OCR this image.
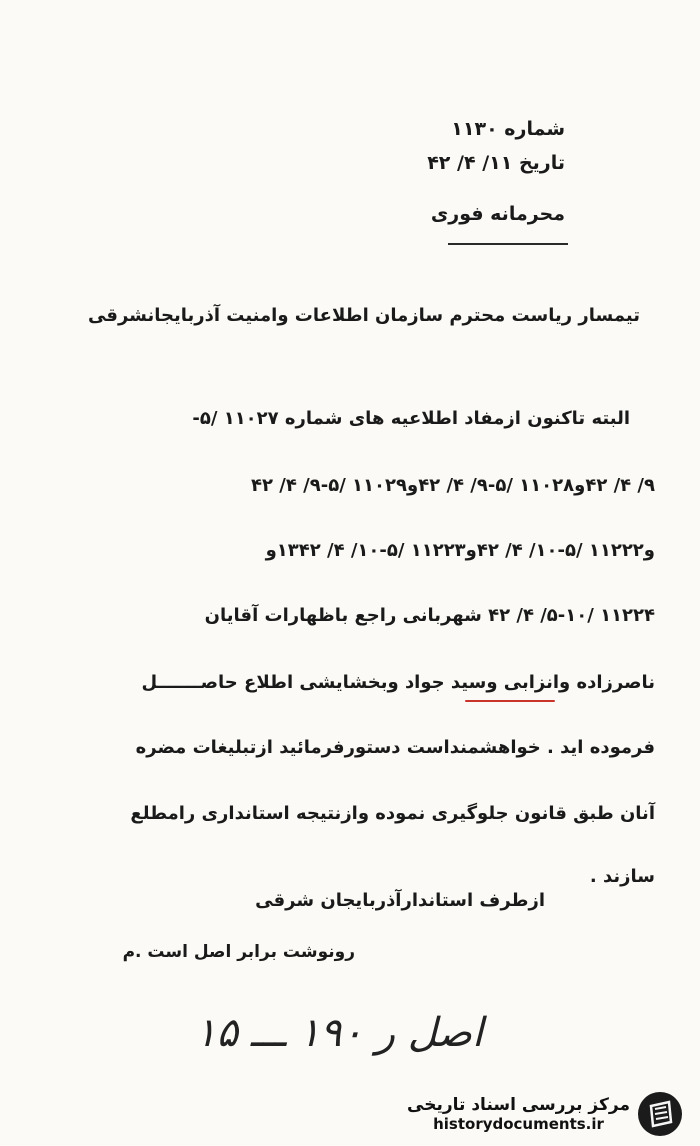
شماره ۱۱۳۰
تاریخ ۱۱/ ۴/ ۴۲
محرمانه فوری
تیمسار ریاست محترم سازمان اطلاعات وامنیت آذربایجانشرقی
البته تاکنون ازمفاد اطلاعیه های شماره ۱۱۰۲۷ /۵-
۹/ ۴/ ۴۲و۱۱۰۲۸ /۵-۹/ ۴/ ۴۲و۱۱۰۲۹ /۵-۹/ ۴/ ۴۲
و۱۱۲۲۲ /۵-۱۰/ ۴/ ۴۲و۱۱۲۲۳ /۵-۱۰/ ۴/ ۱۳۴۲و
۱۱۲۲۴ /۵-۱۰/ ۴/ ۴۲ شهربانی راجع باظهارات آقایان
ناصرزاده وانزابی وسید جواد وبخشایشی اطلاع حاصـــــــل
فرموده اید . خواهشمنداست دستورفرمائید ازتبلیغات مضره
آنان طبق قانون جلوگیری نموده وازنتیجه استانداری رامطلع
سازند .
ازطرف استاندارآذربایجان شرقی
رونوشت برابر اصل است .م
اصل ر ۱۹۰ ـــ ۱۵
مرکز بررسی اسناد تاریخی
historydocuments.ir
